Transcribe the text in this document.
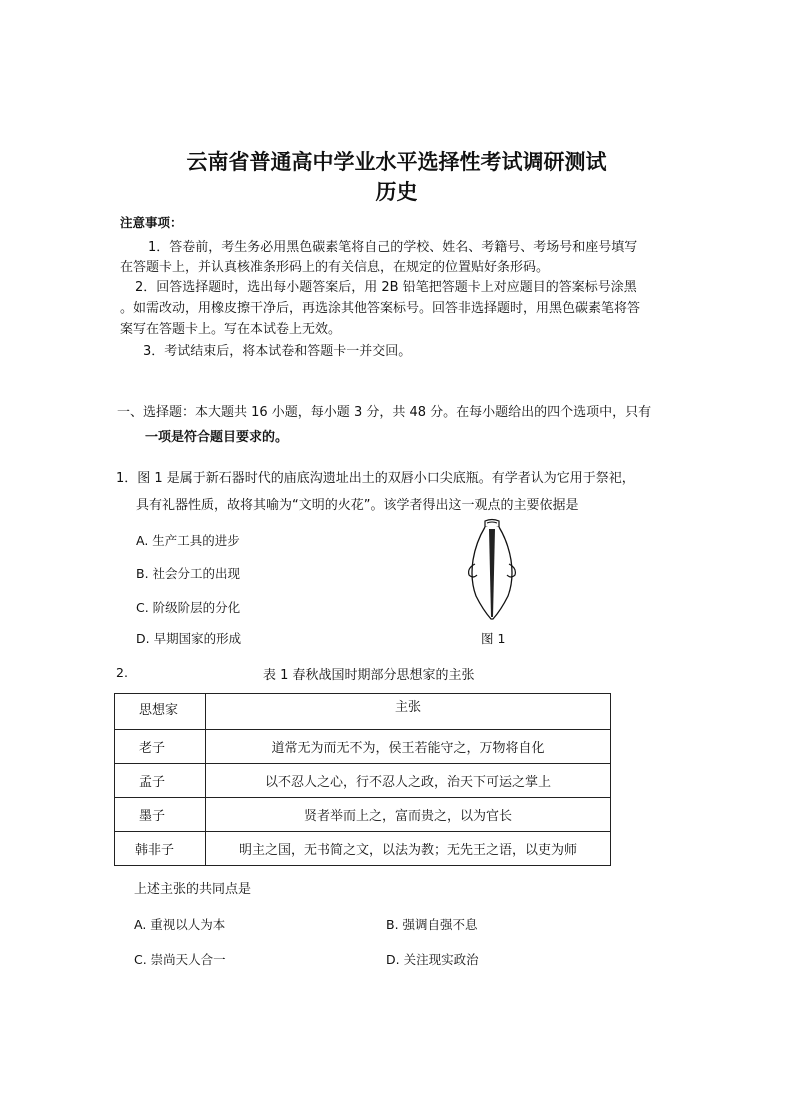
云南省普通高中学业水平选择性考试调研测试
历史
注意事项：
1．答卷前，考生务必用黑色碳素笔将自己的学校、姓名、考籍号、考场号和座号填写
在答题卡上，并认真核准条形码上的有关信息，在规定的位置贴好条形码。
2．回答选择题时，选出每小题答案后，用 2B 铅笔把答题卡上对应题目的答案标号涂黑
。如需改动，用橡皮擦干净后，再选涂其他答案标号。回答非选择题时，用黑色碳素笔将答
案写在答题卡上。写在本试卷上无效。
3．考试结束后，将本试卷和答题卡一并交回。
一、选择题：本大题共 16 小题，每小题 3 分，共 48 分。在每小题给出的四个选项中，只有
一项是符合题目要求的。
1．图 1 是属于新石器时代的庙底沟遗址出土的双唇小口尖底瓶。有学者认为它用于祭祀，
具有礼器性质，故将其喻为“文明的火花”。该学者得出这一观点的主要依据是
A. 生产工具的进步
B. 社会分工的出现
C. 阶级阶层的分化
D. 早期国家的形成	图 1
2.	表 1 春秋战国时期部分思想家的主张
思想家	主张
老子	道常无为而无不为，侯王若能守之，万物将自化
孟子	以不忍人之心，行不忍人之政，治天下可运之掌上
墨子	贤者举而上之，富而贵之，以为官长
韩非子	明主之国，无书简之文，以法为教；无先王之语，以吏为师
上述主张的共同点是
A. 重视以人为本	B. 强调自强不息
C. 崇尚天人合一	D. 关注现实政治
